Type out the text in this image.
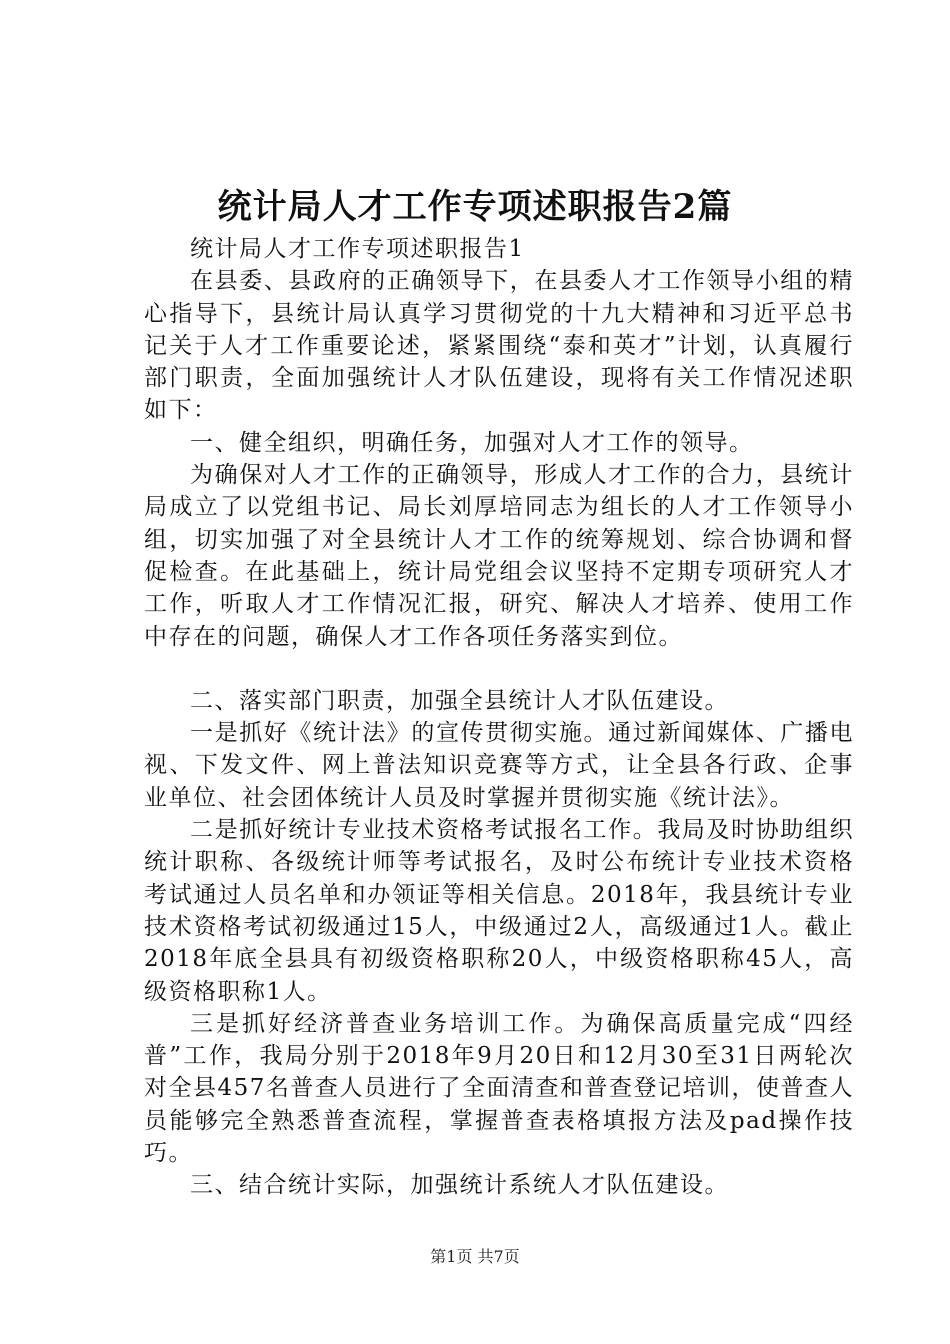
统计局人才工作专项述职报告2篇

统计局人才工作专项述职报告1

在县委、县政府的正确领导下，在县委人才工作领导小组的精心指导下，县统计局认真学习贯彻党的十九大精神和习近平总书记关于人才工作重要论述，紧紧围绕“泰和英才”计划，认真履行部门职责，全面加强统计人才队伍建设，现将有关工作情况述职如下：

一、健全组织，明确任务，加强对人才工作的领导。

为确保对人才工作的正确领导，形成人才工作的合力，县统计局成立了以党组书记、局长刘厚培同志为组长的人才工作领导小组，切实加强了对全县统计人才工作的统筹规划、综合协调和督促检查。在此基础上，统计局党组会议坚持不定期专项研究人才工作，听取人才工作情况汇报，研究、解决人才培养、使用工作中存在的问题，确保人才工作各项任务落实到位。

二、落实部门职责，加强全县统计人才队伍建设。

一是抓好《统计法》的宣传贯彻实施。通过新闻媒体、广播电视、下发文件、网上普法知识竞赛等方式，让全县各行政、企事业单位、社会团体统计人员及时掌握并贯彻实施《统计法》。

二是抓好统计专业技术资格考试报名工作。我局及时协助组织统计职称、各级统计师等考试报名，及时公布统计专业技术资格考试通过人员名单和办领证等相关信息。2018年，我县统计专业技术资格考试初级通过15人，中级通过2人，高级通过1人。截止2018年底全县具有初级资格职称20人，中级资格职称45人，高级资格职称1人。

三是抓好经济普查业务培训工作。为确保高质量完成“四经普”工作，我局分别于2018年9月20日和12月30至31日两轮次对全县457名普查人员进行了全面清查和普查登记培训，使普查人员能够完全熟悉普查流程，掌握普查表格填报方法及pad操作技巧。

三、结合统计实际，加强统计系统人才队伍建设。

第1页 共7页
